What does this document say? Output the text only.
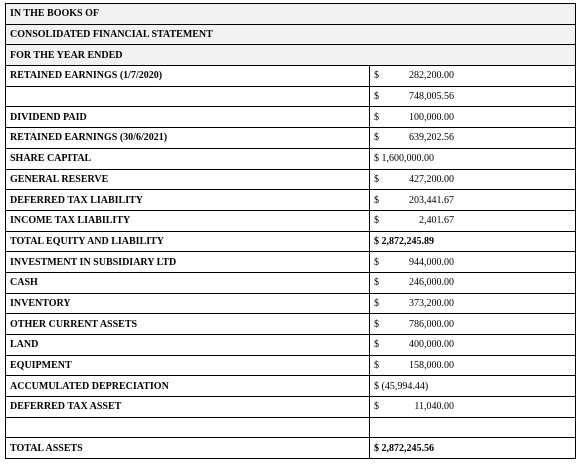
IN THE BOOKS OF	
CONSOLIDATED FINANCIAL STATEMENT	
FOR THE YEAR ENDED	
RETAINED EARNINGS (1/7/2020)	$ 282,200.00
	$ 748,005.56
DIVIDEND PAID	$ 100,000.00
RETAINED EARNINGS (30/6/2021)	$ 639,202.56
SHARE CAPITAL	$ 1,600,000.00
GENERAL RESERVE	$ 427,200.00
DEFERRED TAX LIABILITY	$ 203,441.67
INCOME TAX LIABILITY	$ 2,401.67
TOTAL EQUITY AND LIABILITY	$ 2,872,245.89
INVESTMENT IN SUBSIDIARY LTD	$ 944,000.00
CASH	$ 246,000.00
INVENTORY	$ 373,200.00
OTHER CURRENT ASSETS	$ 786,000.00
LAND	$ 400,000.00
EQUIPMENT	$ 158,000.00
ACCUMULATED DEPRECIATION	$ (45,994.44)
DEFERRED TAX ASSET	$ 11,040.00

TOTAL ASSETS	$ 2,872,245.56
